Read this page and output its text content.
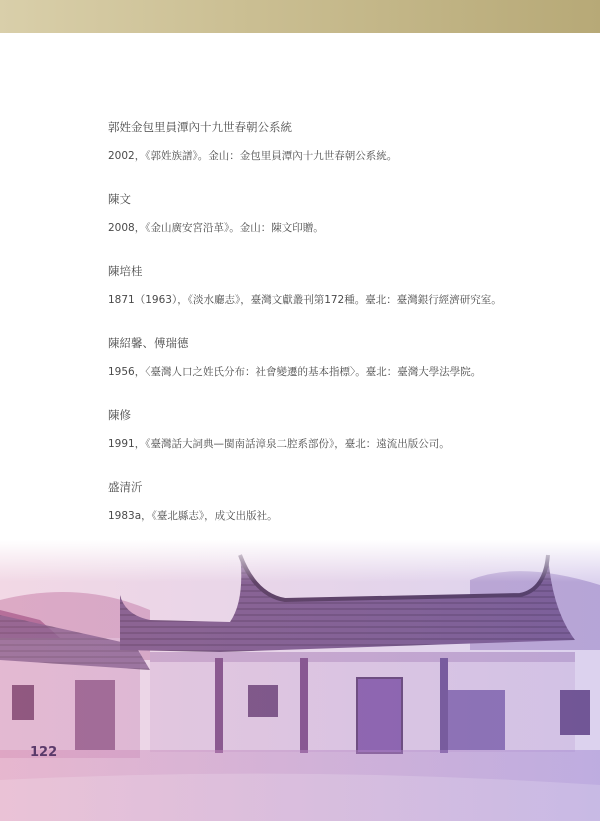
郭姓金包里員潭內十九世春朝公系統
2002，《郭姓族譜》。金山：金包里員潭內十九世春朝公系統。
陳文
2008，《金山廣安宮沿革》。金山：陳文印贈。
陳培桂
1871（1963），《淡水廳志》，臺灣文獻叢刊第172種。臺北：臺灣銀行經濟研究室。
陳紹馨、傅瑞德
1956，〈臺灣人口之姓氏分布：社會變遷的基本指標〉。臺北：臺灣大學法學院。
陳修
1991，《臺灣話大詞典—閩南話漳泉二腔系部份》，臺北：遠流出版公司。
盛清沂
1983a，《臺北縣志》，成文出版社。
122
